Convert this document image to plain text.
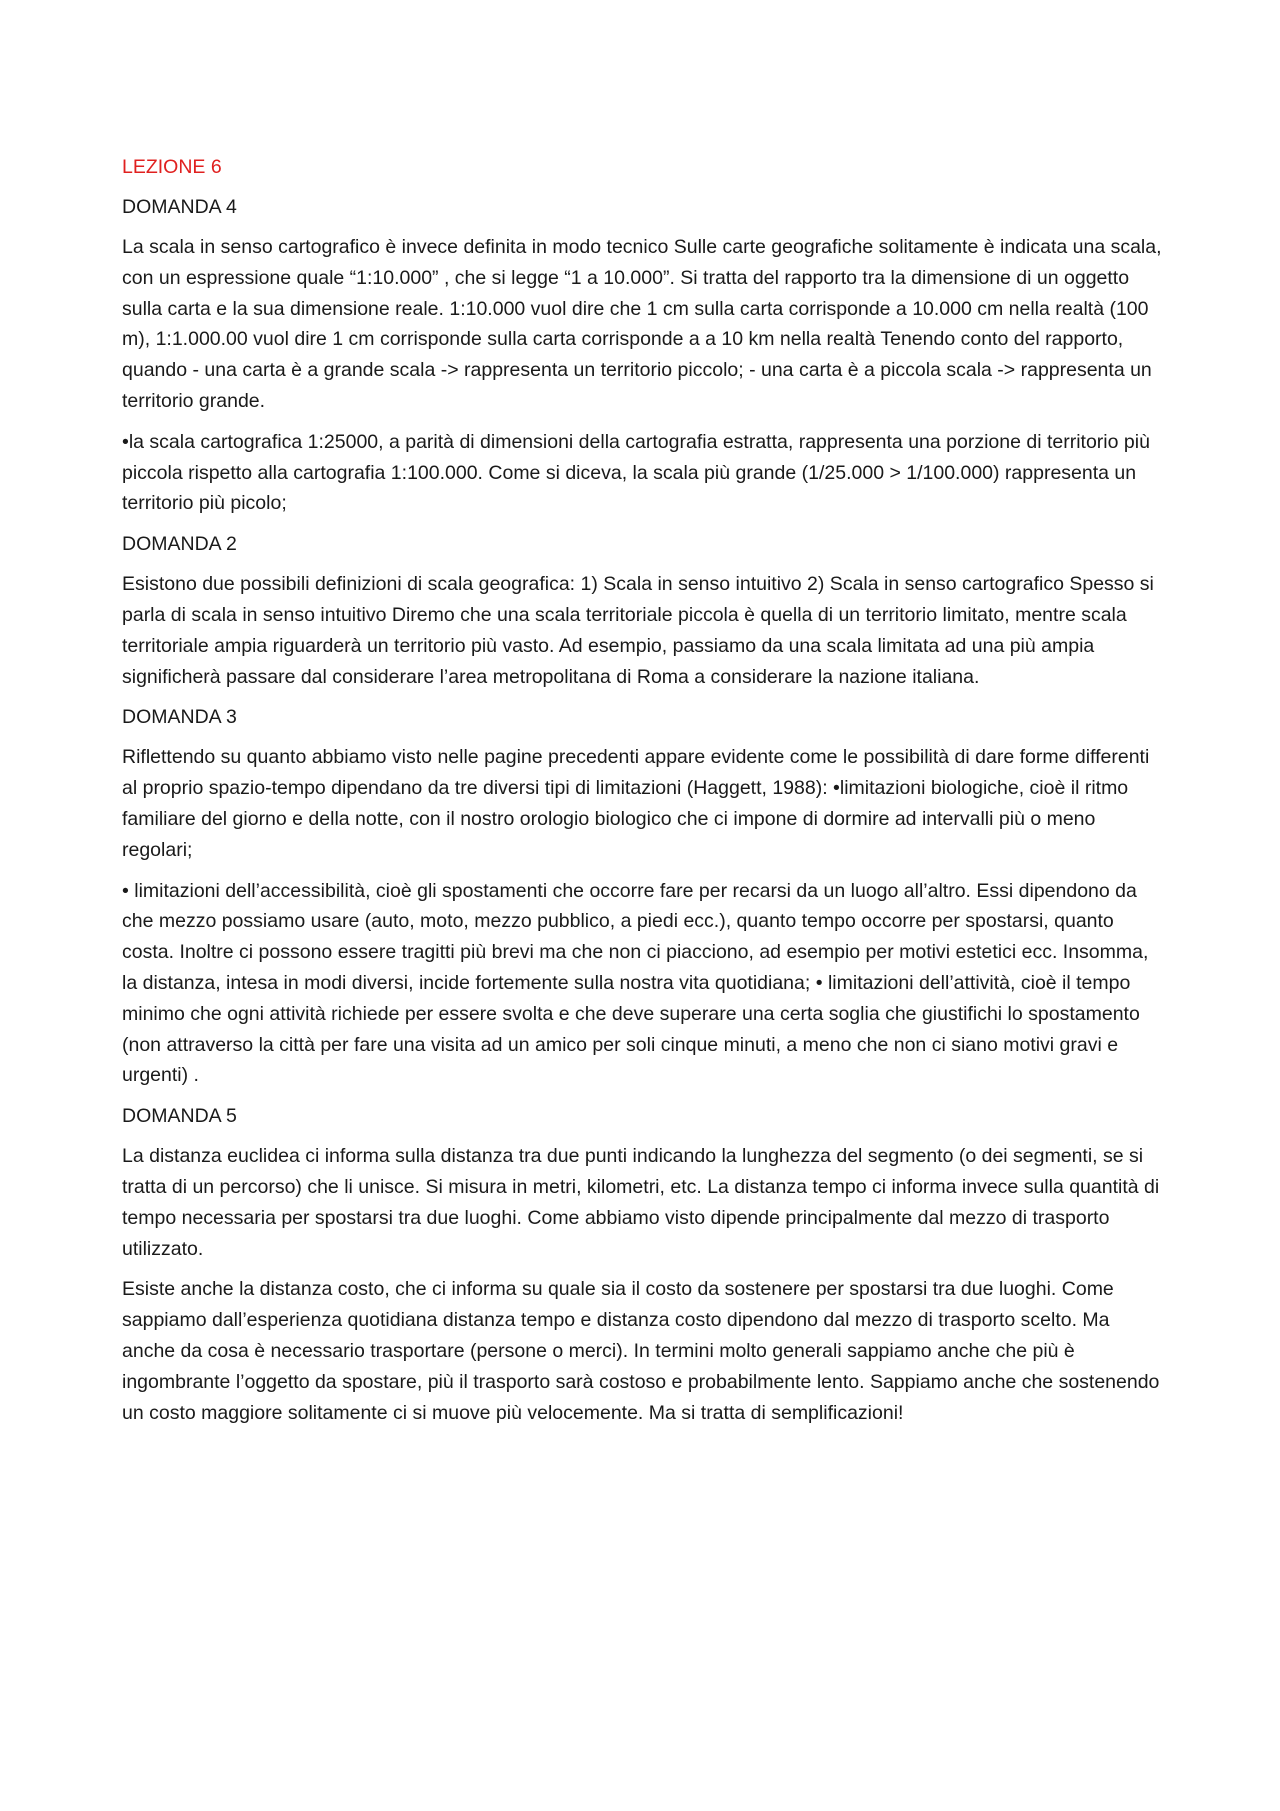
LEZIONE 6
DOMANDA 4

La scala in senso cartografico è invece definita in modo tecnico Sulle carte geografiche solitamente è indicata una scala, con un espressione quale “1:10.000” , che si legge “1 a 10.000”. Si tratta del rapporto tra la dimensione di un oggetto sulla carta e la sua dimensione reale. 1:10.000 vuol dire che 1 cm sulla carta corrisponde a 10.000 cm nella realtà (100 m), 1:1.000.00 vuol dire 1 cm corrisponde sulla carta corrisponde a a 10 km nella realtà Tenendo conto del rapporto, quando - una carta è a grande scala -> rappresenta un territorio piccolo; - una carta è a piccola scala -> rappresenta un territorio grande.

•la scala cartografica 1:25000, a parità di dimensioni della cartografia estratta, rappresenta una porzione di territorio più piccola rispetto alla cartografia 1:100.000. Come si diceva, la scala più grande (1/25.000 > 1/100.000) rappresenta un territorio più picolo;

DOMANDA 2

Esistono due possibili definizioni di scala geografica: 1) Scala in senso intuitivo 2) Scala in senso cartografico Spesso si parla di scala in senso intuitivo Diremo che una scala territoriale piccola è quella di un territorio limitato, mentre scala territoriale ampia riguarderà un territorio più vasto. Ad esempio, passiamo da una scala limitata ad una più ampia significherà passare dal considerare l’area metropolitana di Roma a considerare la nazione italiana.

DOMANDA 3

Riflettendo su quanto abbiamo visto nelle pagine precedenti appare evidente come le possibilità di dare forme differenti al proprio spazio-tempo dipendano da tre diversi tipi di limitazioni (Haggett, 1988): •limitazioni biologiche, cioè il ritmo familiare del giorno e della notte, con il nostro orologio biologico che ci impone di dormire ad intervalli più o meno regolari;

• limitazioni dell’accessibilità, cioè gli spostamenti che occorre fare per recarsi da un luogo all’altro. Essi dipendono da che mezzo possiamo usare (auto, moto, mezzo pubblico, a piedi ecc.), quanto tempo occorre per spostarsi, quanto costa. Inoltre ci possono essere tragitti più brevi ma che non ci piacciono, ad esempio per motivi estetici ecc. Insomma, la distanza, intesa in modi diversi, incide fortemente sulla nostra vita quotidiana; • limitazioni dell’attività, cioè il tempo minimo che ogni attività richiede per essere svolta e che deve superare una certa soglia che giustifichi lo spostamento (non attraverso la città per fare una visita ad un amico per soli cinque minuti, a meno che non ci siano motivi gravi e urgenti) .

DOMANDA 5

La distanza euclidea ci informa sulla distanza tra due punti indicando la lunghezza del segmento (o dei segmenti, se si tratta di un percorso) che li unisce. Si misura in metri, kilometri, etc. La distanza tempo ci informa invece sulla quantità di tempo necessaria per spostarsi tra due luoghi. Come abbiamo visto dipende principalmente dal mezzo di trasporto utilizzato.

Esiste anche la distanza costo, che ci informa su quale sia il costo da sostenere per spostarsi tra due luoghi. Come sappiamo dall’esperienza quotidiana distanza tempo e distanza costo dipendono dal mezzo di trasporto scelto. Ma anche da cosa è necessario trasportare (persone o merci). In termini molto generali sappiamo anche che più è ingombrante l’oggetto da spostare, più il trasporto sarà costoso e probabilmente lento. Sappiamo anche che sostenendo un costo maggiore solitamente ci si muove più velocemente. Ma si tratta di semplificazioni!
